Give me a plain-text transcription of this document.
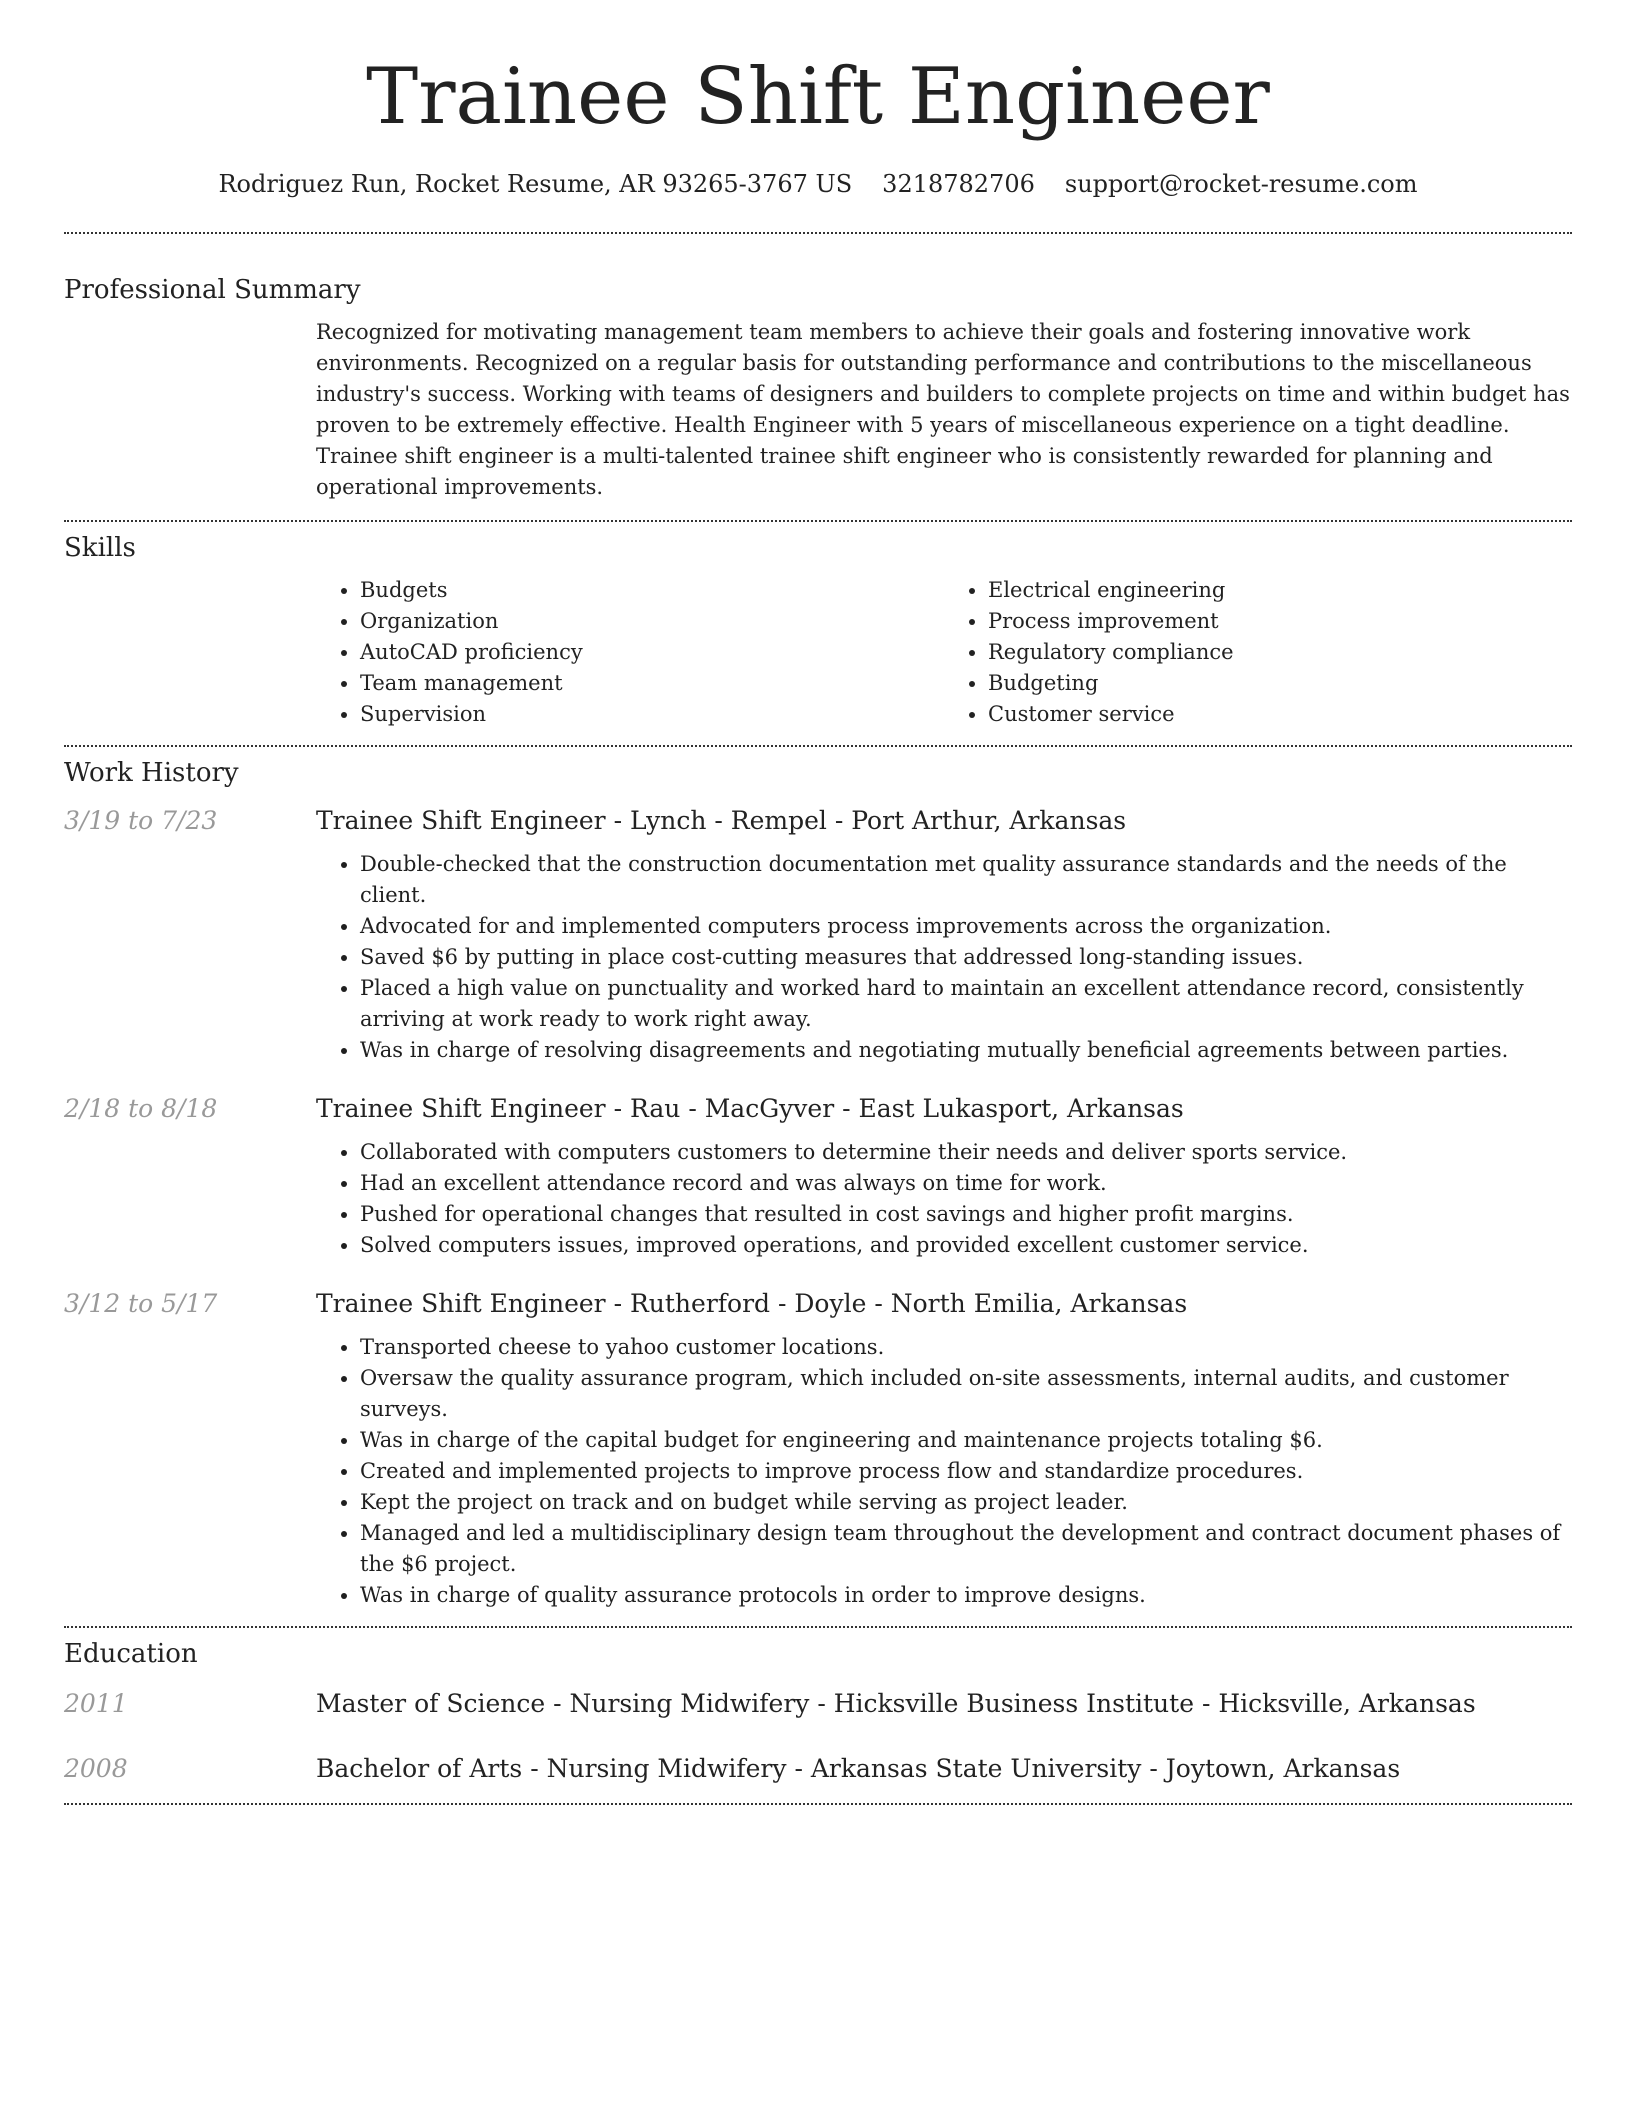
Trainee Shift Engineer
Rodriguez Run, Rocket Resume, AR 93265-3767 US 3218782706 support@rocket-resume.com
Professional Summary

Recognized for motivating management team members to achieve their goals and fostering innovative work environments. Recognized on a regular basis for outstanding performance and contributions to the miscellaneous industry's success. Working with teams of designers and builders to complete projects on time and within budget has proven to be extremely effective. Health Engineer with 5 years of miscellaneous experience on a tight deadline. Trainee shift engineer is a multi-talented trainee shift engineer who is consistently rewarded for planning and operational improvements.

Skills
• Budgets
• Organization
• AutoCAD proficiency
• Team management
• Supervision
• Electrical engineering
• Process improvement
• Regulatory compliance
• Budgeting
• Customer service
Work History
3/19 to 7/23	Trainee Shift Engineer - Lynch - Rempel - Port Arthur, Arkansas
• Double-checked that the construction documentation met quality assurance standards and the needs of the client.
• Advocated for and implemented computers process improvements across the organization.
• Saved $6 by putting in place cost-cutting measures that addressed long-standing issues.
• Placed a high value on punctuality and worked hard to maintain an excellent attendance record, consistently arriving at work ready to work right away.
• Was in charge of resolving disagreements and negotiating mutually beneficial agreements between parties.
2/18 to 8/18	Trainee Shift Engineer - Rau - MacGyver - East Lukasport, Arkansas
• Collaborated with computers customers to determine their needs and deliver sports service.
• Had an excellent attendance record and was always on time for work.
• Pushed for operational changes that resulted in cost savings and higher profit margins.
• Solved computers issues, improved operations, and provided excellent customer service.
3/12 to 5/17	Trainee Shift Engineer - Rutherford - Doyle - North Emilia, Arkansas
• Transported cheese to yahoo customer locations.
• Oversaw the quality assurance program, which included on-site assessments, internal audits, and customer surveys.
• Was in charge of the capital budget for engineering and maintenance projects totaling $6.
• Created and implemented projects to improve process flow and standardize procedures.
• Kept the project on track and on budget while serving as project leader.
• Managed and led a multidisciplinary design team throughout the development and contract document phases of the $6 project.
• Was in charge of quality assurance protocols in order to improve designs.
Education
2011	Master of Science - Nursing Midwifery - Hicksville Business Institute - Hicksville, Arkansas
2008	Bachelor of Arts - Nursing Midwifery - Arkansas State University - Joytown, Arkansas
